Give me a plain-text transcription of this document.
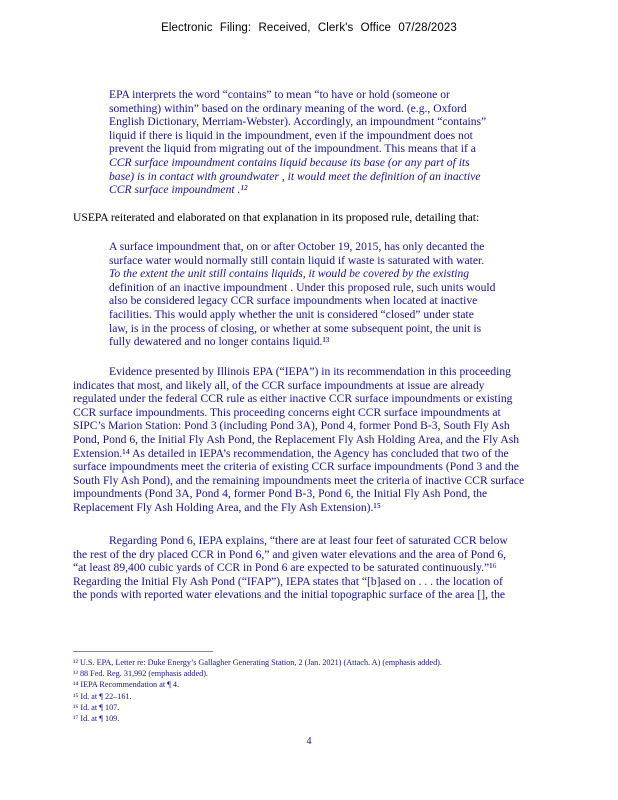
Electronic Filing: Received, Clerk's Office 07/28/2023
EPA interprets the word “contains” to mean “to have or hold (someone or
something) within” based on the ordinary meaning of the word. (e.g., Oxford
English Dictionary, Merriam-Webster). Accordingly, an impoundment “contains”
liquid if there is liquid in the impoundment, even if the impoundment does not
prevent the liquid from migrating out of the impoundment. This means that if a
CCR surface impoundment contains liquid because its base (or any part of its
base) is in contact with groundwater , it would meet the definition of an inactive
CCR surface impoundment .¹²
USEPA reiterated and elaborated on that explanation in its proposed rule, detailing that:
A surface impoundment that, on or after October 19, 2015, has only decanted the
surface water would normally still contain liquid if waste is saturated with water.
To the extent the unit still contains liquids, it would be covered by the existing
definition of an inactive impoundment . Under this proposed rule, such units would
also be considered legacy CCR surface impoundments when located at inactive
facilities. This would apply whether the unit is considered “closed” under state
law, is in the process of closing, or whether at some subsequent point, the unit is
fully dewatered and no longer contains liquid.¹³
Evidence presented by Illinois EPA (“IEPA”) in its recommendation in this proceeding
indicates that most, and likely all, of the CCR surface impoundments at issue are already
regulated under the federal CCR rule as either inactive CCR surface impoundments or existing
CCR surface impoundments. This proceeding concerns eight CCR surface impoundments at
SIPC’s Marion Station: Pond 3 (including Pond 3A), Pond 4, former Pond B-3, South Fly Ash
Pond, Pond 6, the Initial Fly Ash Pond, the Replacement Fly Ash Holding Area, and the Fly Ash
Extension.¹⁴ As detailed in IEPA’s recommendation, the Agency has concluded that two of the
surface impoundments meet the criteria of existing CCR surface impoundments (Pond 3 and the
South Fly Ash Pond), and the remaining impoundments meet the criteria of inactive CCR surface
impoundments (Pond 3A, Pond 4, former Pond B-3, Pond 6, the Initial Fly Ash Pond, the
Replacement Fly Ash Holding Area, and the Fly Ash Extension).¹⁵
Regarding Pond 6, IEPA explains, “there are at least four feet of saturated CCR below
the rest of the dry placed CCR in Pond 6,” and given water elevations and the area of Pond 6,
“at least 89,400 cubic yards of CCR in Pond 6 are expected to be saturated continuously.”¹⁶
Regarding the Initial Fly Ash Pond (“IFAP”), IEPA states that “[b]ased on . . . the location of
the ponds with reported water elevations and the initial topographic surface of the area [], the
¹² U.S. EPA, Letter re: Duke Energy’s Gallagher Generating Station, 2 (Jan. 2021) (Attach. A) (emphasis added).
¹³ 88 Fed. Reg. 31,992 (emphasis added).
¹⁴ IEPA Recommendation at ¶ 4.
¹⁵ Id. at ¶ 22–161.
¹⁶ Id. at ¶ 107.
¹⁷ Id. at ¶ 109.
4
